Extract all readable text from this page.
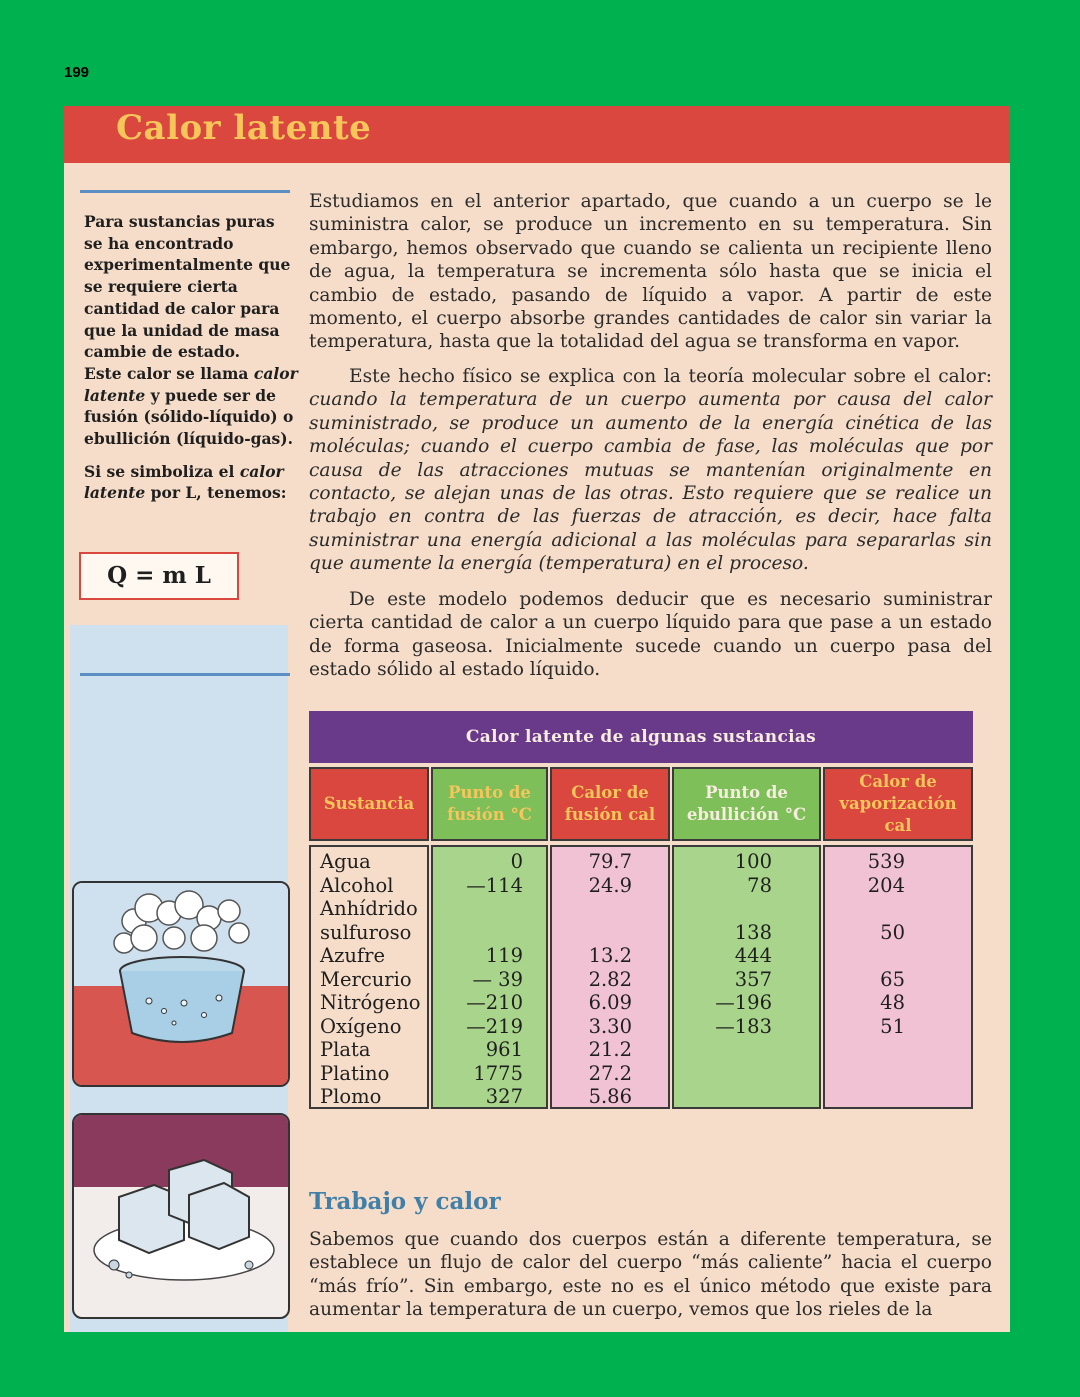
199
Calor latente
Para sustancias puras se ha encontrado experimentalmente que se requiere cierta cantidad de calor para que la unidad de masa cambie de estado.
Este calor se llama calor latente y puede ser de fusión (sólido-líquido) o ebullición (líquido-gas).
Si se simboliza el calor latente por L, tenemos:
Q = m L

Estudiamos en el anterior apartado, que cuando a un cuerpo se le suministra calor, se produce un incremento en su temperatura. Sin embargo, hemos observado que cuando se calienta un recipiente lleno de agua, la temperatura se incrementa sólo hasta que se inicia el cambio de estado, pasando de líquido a vapor. A partir de este momento, el cuerpo absorbe grandes cantidades de calor sin variar la temperatura, hasta que la totalidad del agua se transforma en vapor.

Este hecho físico se explica con la teoría molecular sobre el calor: cuando la temperatura de un cuerpo aumenta por causa del calor suministrado, se produce un aumento de la energía cinética de las moléculas; cuando el cuerpo cambia de fase, las moléculas que por causa de las atracciones mutuas se mantenían originalmente en contacto, se alejan unas de las otras. Esto requiere que se realice un trabajo en contra de las fuerzas de atracción, es decir, hace falta suministrar una energía adicional a las moléculas para separarlas sin que aumente la energía (temperatura) en el proceso.

De este modelo podemos deducir que es necesario suministrar cierta cantidad de calor a un cuerpo líquido para que pase a un estado de forma gaseosa. Inicialmente sucede cuando un cuerpo pasa del estado sólido al estado líquido.

Calor latente de algunas sustancias
Sustancia
Punto de fusión °C
Calor de fusión cal
Punto de ebullición °C
Calor de vaporización cal
Agua
Alcohol
Anhídrido
sulfuroso
Azufre
Mercurio
Nitrógeno
Oxígeno
Plata
Platino
Plomo
0
—114
119
— 39
—210
—219
961
1775
327
79.7
24.9
13.2
2.82
6.09
3.30
21.2
27.2
5.86
100
78
138
444
357
—196
—183
539
204
50
65
48
51
Trabajo y calor

Sabemos que cuando dos cuerpos están a diferente temperatura, se establece un flujo de calor del cuerpo “más caliente” hacia el cuerpo “más frío”. Sin embargo, este no es el único método que existe para aumentar la temperatura de un cuerpo, vemos que los rieles de la
